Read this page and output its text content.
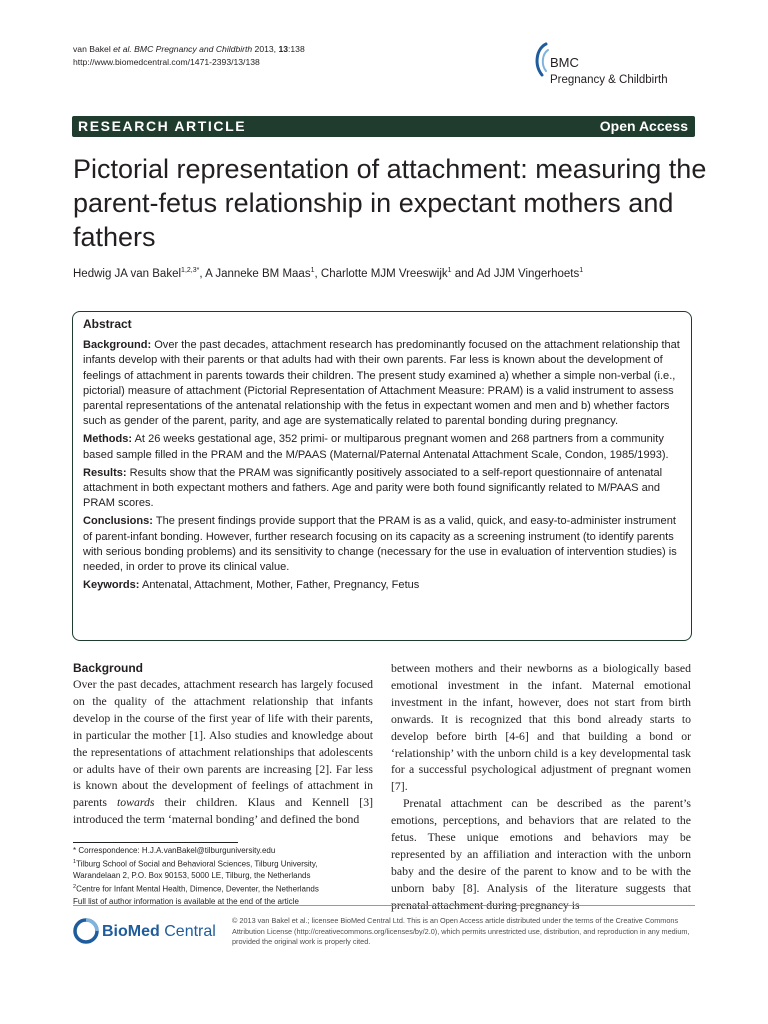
van Bakel et al. BMC Pregnancy and Childbirth 2013, 13:138
http://www.biomedcentral.com/1471-2393/13/138	BMC
Pregnancy & Childbirth
RESEARCH ARTICLE	Open Access
Pictorial representation of attachment: measuring the parent-fetus relationship in expectant mothers and fathers
Hedwig JA van Bakel$^{1,2,3*}$, A Janneke BM Maas$^1$, Charlotte MJM Vreeswijk$^1$ and Ad JJM Vingerhoets$^1$

Abstract

Background: Over the past decades, attachment research has predominantly focused on the attachment relationship that infants develop with their parents or that adults had with their own parents. Far less is known about the development of feelings of attachment in parents towards their children. The present study examined a) whether a simple non-verbal (i.e., pictorial) measure of attachment (Pictorial Representation of Attachment Measure: PRAM) is a valid instrument to assess parental representations of the antenatal relationship with the fetus in expectant women and men and b) whether factors such as gender of the parent, parity, and age are systematically related to parental bonding during pregnancy.

Methods: At 26 weeks gestational age, 352 primi- or multiparous pregnant women and 268 partners from a community based sample filled in the PRAM and the M/PAAS (Maternal/Paternal Antenatal Attachment Scale, Condon, 1985/1993).

Results: Results show that the PRAM was significantly positively associated to a self-report questionnaire of antenatal attachment in both expectant mothers and fathers. Age and parity were both found significantly related to M/PAAS and PRAM scores.

Conclusions: The present findings provide support that the PRAM is as a valid, quick, and easy-to-administer instrument of parent-infant bonding. However, further research focusing on its capacity as a screening instrument (to identify parents with serious bonding problems) and its sensitivity to change (necessary for the use in evaluation of intervention studies) is needed, in order to prove its clinical value.

Keywords: Antenatal, Attachment, Mother, Father, Pregnancy, Fetus

Background

Over the past decades, attachment research has largely focused on the quality of the attachment relationship that infants develop in the course of the first year of life with their parents, in particular the mother [1]. Also studies and knowledge about the representations of attachment relationships that adolescents or adults have of their own parents are increasing [2]. Far less is known about the development of feelings of attachment in parents towards their children. Klaus and Kennell [3] introduced the term ‘maternal bonding’ and defined the bond

between mothers and their newborns as a biologically based emotional investment in the infant. Maternal emotional investment in the infant, however, does not start from birth onwards. It is recognized that this bond already starts to develop before birth [4-6] and that building a bond or ‘relationship’ with the unborn child is a key developmental task for a successful psychological adjustment of pregnant women [7].

Prenatal attachment can be described as the parent’s emotions, perceptions, and behaviors that are related to the fetus. These unique emotions and behaviors may be represented by an affiliation and interaction with the unborn baby and the desire of the parent to know and to be with the unborn baby [8]. Analysis of the literature suggests that prenatal attachment during pregnancy is

* Correspondence: H.J.A.vanBakel@tilburguniversity.edu
$^1$Tilburg School of Social and Behavioral Sciences, Tilburg University,
Warandelaan 2, P.O. Box 90153, 5000 LE, Tilburg, the Netherlands
$^2$Centre for Infant Mental Health, Dimence, Deventer, the Netherlands
Full list of author information is available at the end of the article
BioMed Central
© 2013 van Bakel et al.; licensee BioMed Central Ltd. This is an Open Access article distributed under the terms of the Creative Commons Attribution License (http://creativecommons.org/licenses/by/2.0), which permits unrestricted use, distribution, and reproduction in any medium, provided the original work is properly cited.
